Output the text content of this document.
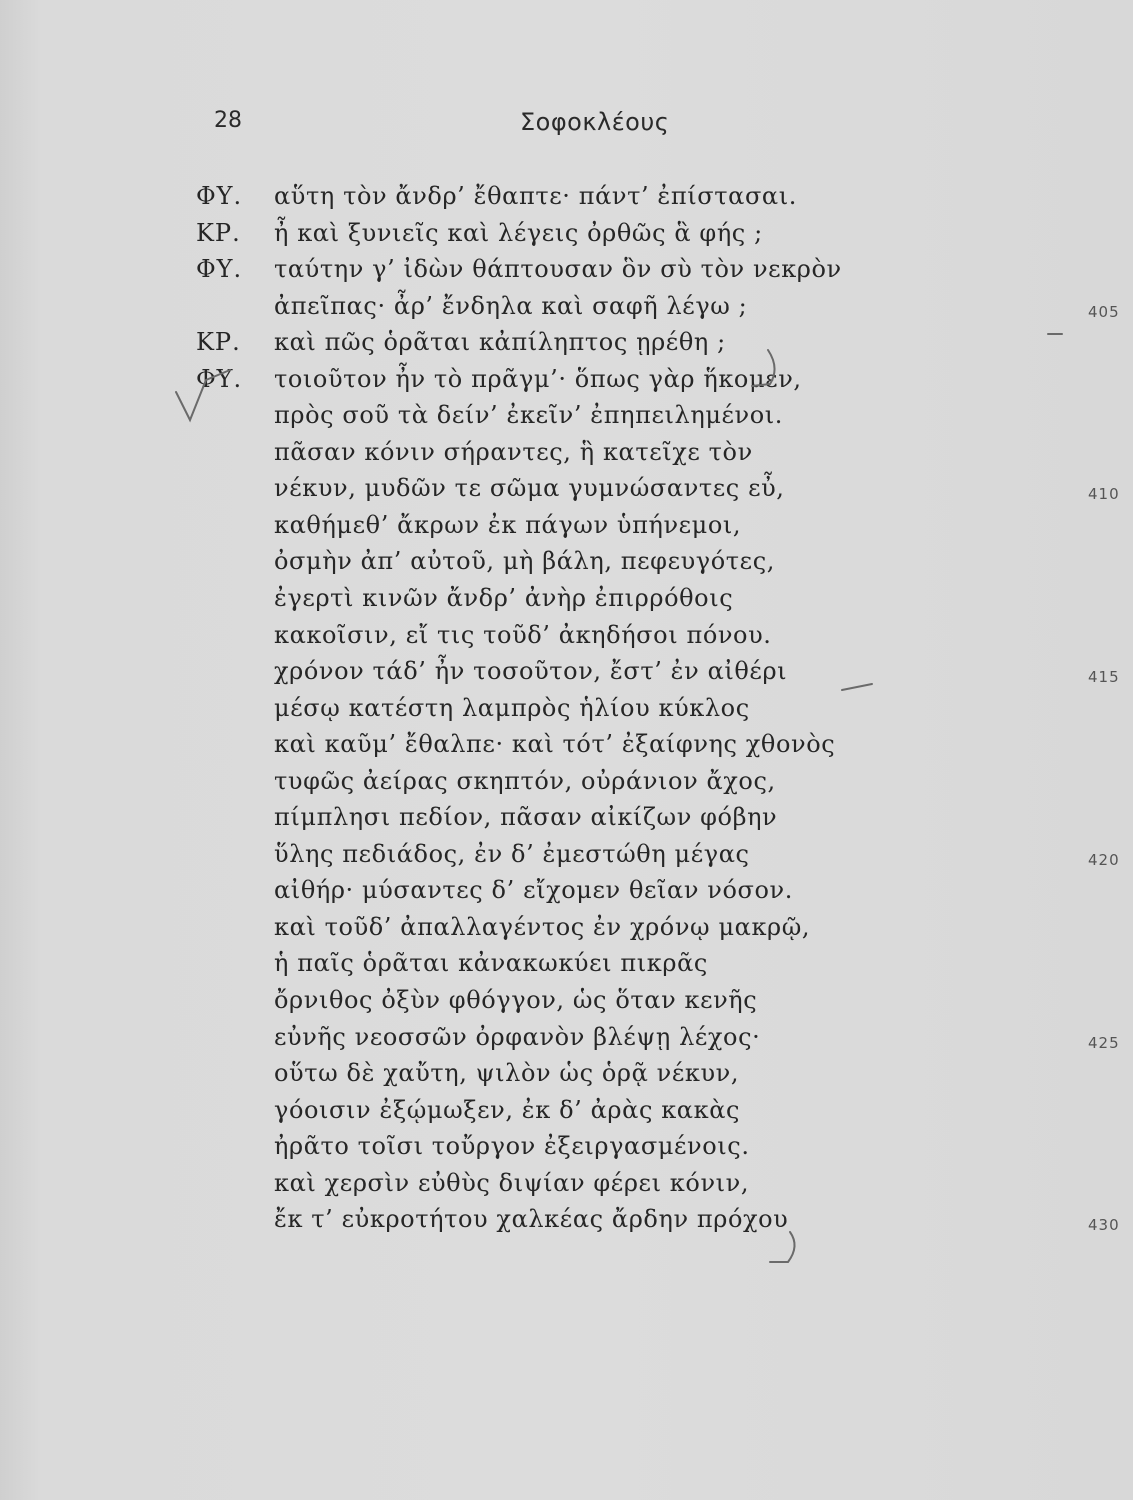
28	Σοφοκλέους
ΦΥ. αὕτη τὸν ἄνδρ’ ἔθαπτε· πάντ’ ἐπίστασαι.
ΚΡ. ἦ καὶ ξυνιεῖς καὶ λέγεις ὀρθῶς ἃ φής ;
ΦΥ. ταύτην γ’ ἰδὼν θάπτουσαν ὃν σὺ τὸν νεκρὸν
ἀπεῖπας· ἆρ’ ἔνδηλα καὶ σαφῆ λέγω ;	405
ΚΡ. καὶ πῶς ὁρᾶται κἀπίληπτος ῃρέθη ;
ΦΥ. τοιοῦτον ἦν τὸ πρᾶγμ’· ὅπως γὰρ ἥκομεν,
πρὸς σοῦ τὰ δείν’ ἐκεῖν’ ἐπηπειλημένοι.
πᾶσαν κόνιν σήραντες, ἣ κατεῖχε τὸν
νέκυν, μυδῶν τε σῶμα γυμνώσαντες εὖ,	410
καθήμεθ’ ἄκρων ἐκ πάγων ὑπήνεμοι,
ὀσμὴν ἀπ’ αὐτοῦ, μὴ βάλη, πεφευγότες,
ἐγερτὶ κινῶν ἄνδρ’ ἀνὴρ ἐπιρρόθοις
κακοῖσιν, εἴ τις τοῦδ’ ἀκηδήσοι πόνου.
χρόνον τάδ’ ἦν τοσοῦτον, ἔστ’ ἐν αἰθέρι	415
μέσῳ κατέστη λαμπρὸς ἡλίου κύκλος
καὶ καῦμ’ ἔθαλπε· καὶ τότ’ ἐξαίφνης χθονὸς
τυφῶς ἀείρας σκηπτόν, οὐράνιον ἄχος,
πίμπλησι πεδίον, πᾶσαν αἰκίζων φόβην
ὕλης πεδιάδος, ἐν δ’ ἐμεστώθη μέγας	420
αἰθήρ· μύσαντες δ’ εἴχομεν θεῖαν νόσον.
καὶ τοῦδ’ ἀπαλλαγέντος ἐν χρόνῳ μακρῷ,
ἡ παῖς ὁρᾶται κἀνακωκύει πικρᾶς
ὄρνιθος ὀξὺν φθόγγον, ὡς ὅταν κενῆς
εὐνῆς νεοσσῶν ὀρφανὸν βλέψῃ λέχος·	425
οὕτω δὲ χαὔτη, ψιλὸν ὡς ὁρᾷ νέκυν,
γόοισιν ἐξῴμωξεν, ἐκ δ’ ἀρὰς κακὰς
ἠρᾶτο τοῖσι τοὔργον ἐξειργασμένοις.
καὶ χερσὶν εὐθὺς διψίαν φέρει κόνιν,
ἔκ τ’ εὐκροτήτου χαλκέας ἄρδην πρόχου	430
